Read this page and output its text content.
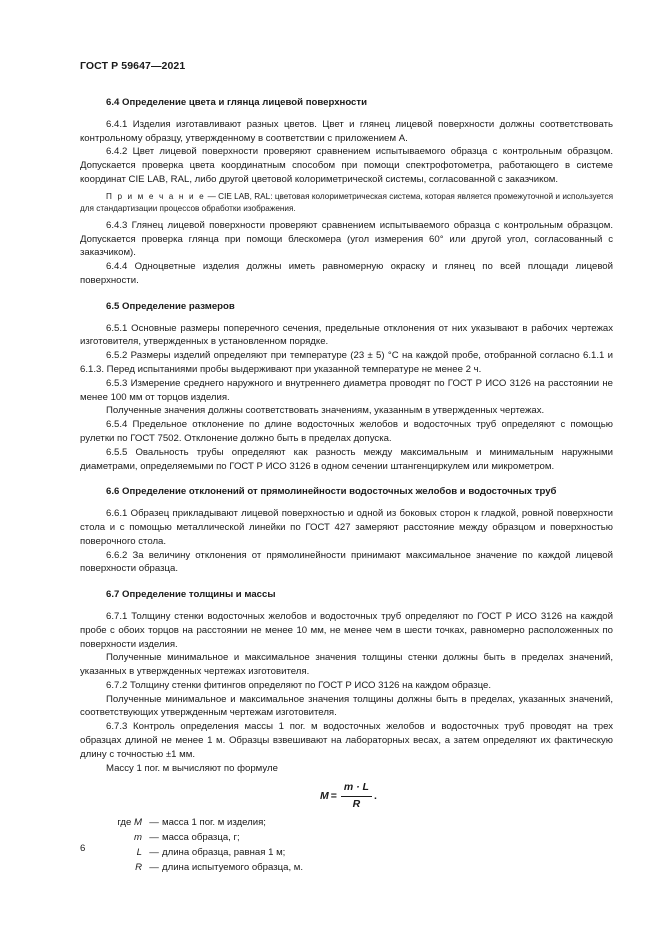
ГОСТ Р 59647—2021
6.4 Определение цвета и глянца лицевой поверхности

6.4.1 Изделия изготавливают разных цветов. Цвет и глянец лицевой поверхности должны соответствовать контрольному образцу, утвержденному в соответствии с приложением А.

6.4.2 Цвет лицевой поверхности проверяют сравнением испытываемого образца с контрольным образцом. Допускается проверка цвета координатным способом при помощи спектрофотометра, работающего в системе координат CIE LAB, RAL, либо другой цветовой колориметрической системы, согласованной с заказчиком.

П р и м е ч а н и е — CIE LAB, RAL: цветовая колориметрическая система, которая является промежуточной и используется для стандартизации процессов обработки изображения.

6.4.3 Глянец лицевой поверхности проверяют сравнением испытываемого образца с контрольным образцом. Допускается проверка глянца при помощи блескомера (угол измерения 60° или другой угол, согласованный с заказчиком).

6.4.4 Одноцветные изделия должны иметь равномерную окраску и глянец по всей площади лицевой поверхности.

6.5 Определение размеров

6.5.1 Основные размеры поперечного сечения, предельные отклонения от них указывают в рабочих чертежах изготовителя, утвержденных в установленном порядке.

6.5.2 Размеры изделий определяют при температуре (23 ± 5) °С на каждой пробе, отобранной согласно 6.1.1 и 6.1.3. Перед испытаниями пробы выдерживают при указанной температуре не менее 2 ч.

6.5.3 Измерение среднего наружного и внутреннего диаметра проводят по ГОСТ Р ИСО 3126 на расстоянии не менее 100 мм от торцов изделия.

Полученные значения должны соответствовать значениям, указанным в утвержденных чертежах.

6.5.4 Предельное отклонение по длине водосточных желобов и водосточных труб определяют с помощью рулетки по ГОСТ 7502. Отклонение должно быть в пределах допуска.

6.5.5 Овальность трубы определяют как разность между максимальным и минимальным наружными диаметрами, определяемыми по ГОСТ Р ИСО 3126 в одном сечении штангенциркулем или микрометром.

6.6 Определение отклонений от прямолинейности водосточных желобов и водосточных труб

6.6.1 Образец прикладывают лицевой поверхностью и одной из боковых сторон к гладкой, ровной поверхности стола и с помощью металлической линейки по ГОСТ 427 замеряют расстояние между образцом и поверхностью поверочного стола.

6.6.2 За величину отклонения от прямолинейности принимают максимальное значение по каждой лицевой поверхности образца.

6.7 Определение толщины и массы

6.7.1 Толщину стенки водосточных желобов и водосточных труб определяют по ГОСТ Р ИСО 3126 на каждой пробе с обоих торцов на расстоянии не менее 10 мм, не менее чем в шести точках, равномерно расположенных по поверхности изделия.

Полученные минимальное и максимальное значения толщины стенки должны быть в пределах значений, указанных в утвержденных чертежах изготовителя.

6.7.2 Толщину стенки фитингов определяют по ГОСТ Р ИСО 3126 на каждом образце.

Полученные минимальное и максимальное значения толщины должны быть в пределах, указанных значений, соответствующих утвержденным чертежам изготовителя.

6.7.3 Контроль определения массы 1 пог. м водосточных желобов и водосточных труб проводят на трех образцах длиной не менее 1 м. Образцы взвешивают на лабораторных весах, а затем определяют их фактическую длину с точностью ±1 мм.

Массу 1 пог. м вычисляют по формуле

$M = \frac{m \cdot L}{R}$ .
где M — масса 1 пог. м изделия;
m — масса образца, г;
L — длина образца, равная 1 м;
R — длина испытуемого образца, м.
6
